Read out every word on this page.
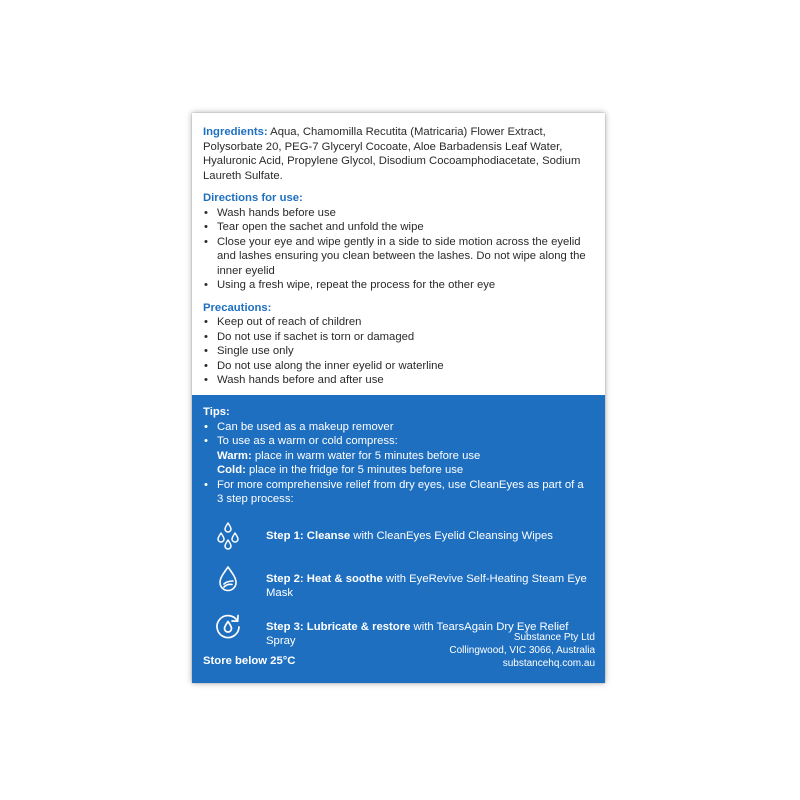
Ingredients: Aqua, Chamomilla Recutita (Matricaria) Flower Extract, Polysorbate 20, PEG-7 Glyceryl Cocoate, Aloe Barbadensis Leaf Water, Hyaluronic Acid, Propylene Glycol, Disodium Cocoamphodiacetate, Sodium Laureth Sulfate.

Directions for use:
• Wash hands before use
• Tear open the sachet and unfold the wipe
• Close your eye and wipe gently in a side to side motion across the eyelid and lashes ensuring you clean between the lashes. Do not wipe along the inner eyelid
• Using a fresh wipe, repeat the process for the other eye
Precautions:
• Keep out of reach of children
• Do not use if sachet is torn or damaged
• Single use only
• Do not use along the inner eyelid or waterline
• Wash hands before and after use
Tips:
• Can be used as a makeup remover
• To use as a warm or cold compress:
Warm: place in warm water for 5 minutes before use
Cold: place in the fridge for 5 minutes before use
• For more comprehensive relief from dry eyes, use CleanEyes as part of a 3 step process:
Step 1: Cleanse with CleanEyes Eyelid Cleansing Wipes
Step 2: Heat & soothe with EyeRevive Self-Heating Steam Eye Mask
Step 3: Lubricate & restore with TearsAgain Dry Eye Relief Spray
Store below 25°C
Substance Pty Ltd
Collingwood, VIC 3066, Australia
substancehq.com.au
